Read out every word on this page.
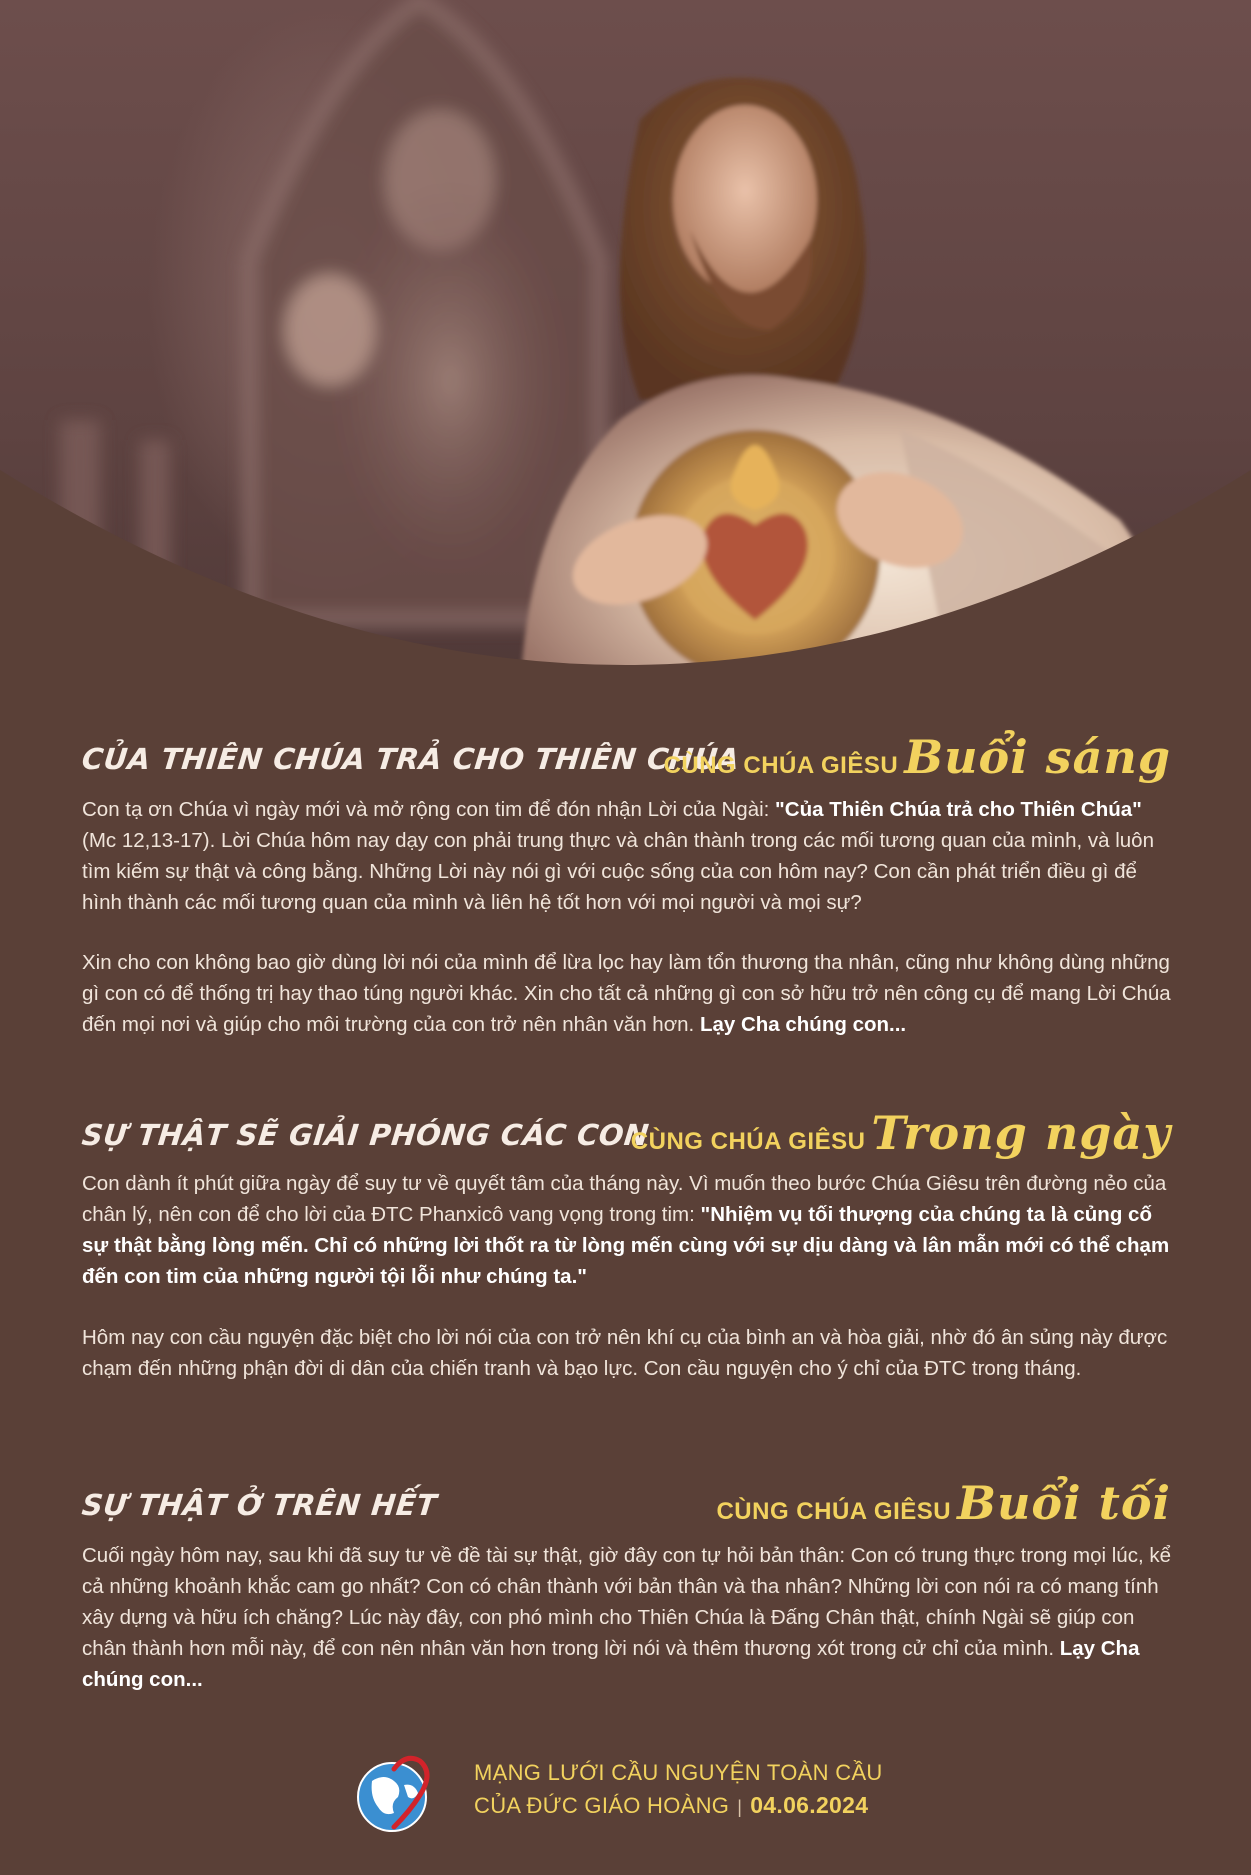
CỦA THIÊN CHÚA TRẢ CHO THIÊN CHÚA
CÙNG CHÚA GIÊSU Buổi sáng

Con tạ ơn Chúa vì ngày mới và mở rộng con tim để đón nhận Lời của Ngài: "Của Thiên Chúa trả cho Thiên Chúa" (Mc 12,13-17). Lời Chúa hôm nay dạy con phải trung thực và chân thành trong các mối tương quan của mình, và luôn tìm kiếm sự thật và công bằng. Những Lời này nói gì với cuộc sống của con hôm nay? Con cần phát triển điều gì để hình thành các mối tương quan của mình và liên hệ tốt hơn với mọi người và mọi sự?

Xin cho con không bao giờ dùng lời nói của mình để lừa lọc hay làm tổn thương tha nhân, cũng như không dùng những gì con có để thống trị hay thao túng người khác. Xin cho tất cả những gì con sở hữu trở nên công cụ để mang Lời Chúa đến mọi nơi và giúp cho môi trường của con trở nên nhân văn hơn. Lạy Cha chúng con...

SỰ THẬT SẼ GIẢI PHÓNG CÁC CON
CÙNG CHÚA GIÊSU Trong ngày

Con dành ít phút giữa ngày để suy tư về quyết tâm của tháng này. Vì muốn theo bước Chúa Giêsu trên đường nẻo của chân lý, nên con để cho lời của ĐTC Phanxicô vang vọng trong tim: "Nhiệm vụ tối thượng của chúng ta là củng cố sự thật bằng lòng mến. Chỉ có những lời thốt ra từ lòng mến cùng với sự dịu dàng và lân mẫn mới có thể chạm đến con tim của những người tội lỗi như chúng ta."

Hôm nay con cầu nguyện đặc biệt cho lời nói của con trở nên khí cụ của bình an và hòa giải, nhờ đó ân sủng này được chạm đến những phận đời di dân của chiến tranh và bạo lực. Con cầu nguyện cho ý chỉ của ĐTC trong tháng.

SỰ THẬT Ở TRÊN HẾT	CÙNG CHÚA GIÊSU Buổi tối

Cuối ngày hôm nay, sau khi đã suy tư về đề tài sự thật, giờ đây con tự hỏi bản thân: Con có trung thực trong mọi lúc, kể cả những khoảnh khắc cam go nhất? Con có chân thành với bản thân và tha nhân? Những lời con nói ra có mang tính xây dựng và hữu ích chăng? Lúc này đây, con phó mình cho Thiên Chúa là Đấng Chân thật, chính Ngài sẽ giúp con chân thành hơn mỗi này, để con nên nhân văn hơn trong lời nói và thêm thương xót trong cử chỉ của mình. Lạy Cha chúng con...

MẠNG LƯỚI CẦU NGUYỆN TOÀN CẦU
CỦA ĐỨC GIÁO HOÀNG | 04.06.2024
